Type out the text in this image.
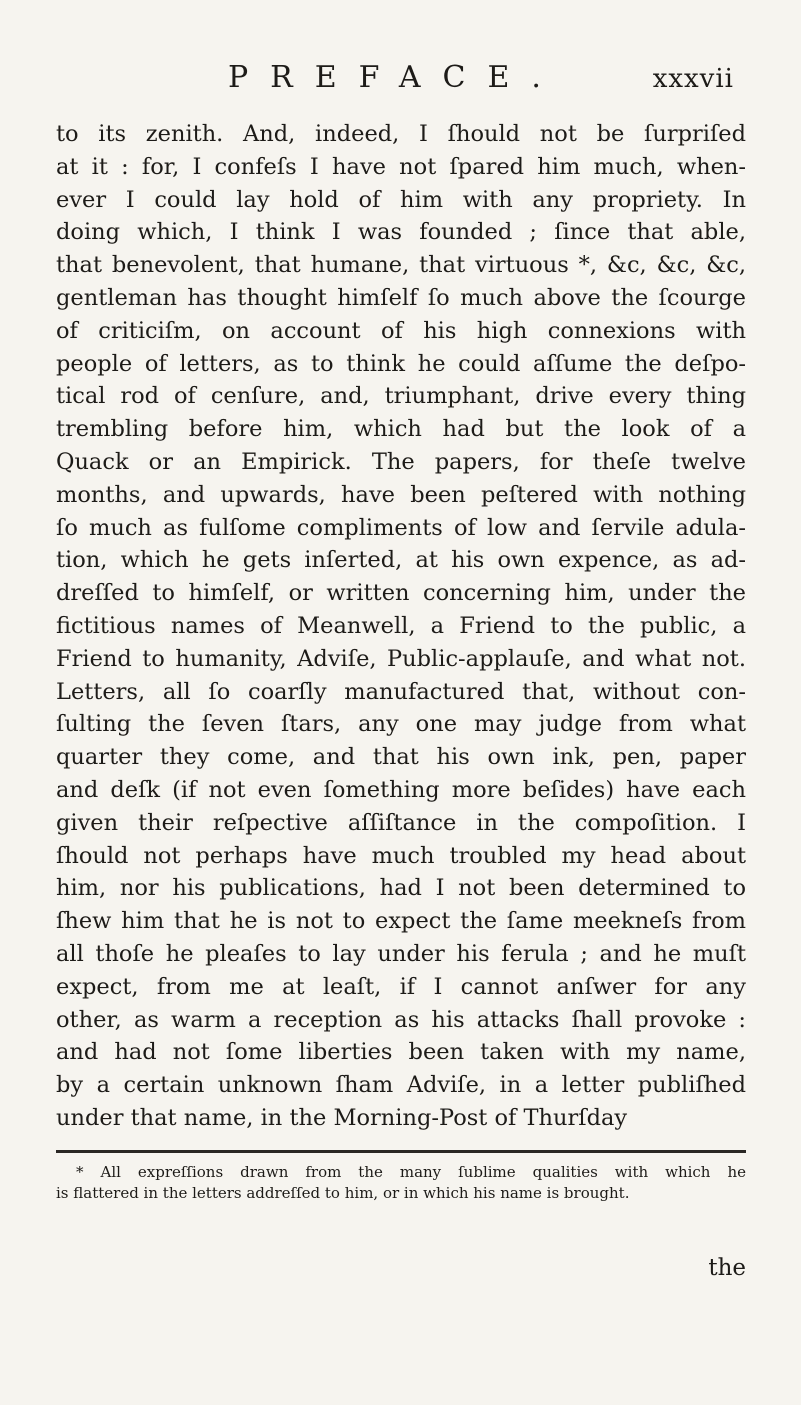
PREFACE.	xxxvii
to its zenith. And, indeed, I ſhould not be ſurpriſed
at it : for, I confeſs I have not ſpared him much, when-
ever I could lay hold of him with any propriety. In
doing which, I think I was founded ; ſince that able,
that benevolent, that humane, that virtuous *, &c, &c, &c,
gentleman has thought himſelf ſo much above the ſcourge
of criticiſm, on account of his high connexions with
people of letters, as to think he could aſſume the deſpo-
tical rod of cenſure, and, triumphant, drive every thing
trembling before him, which had but the look of a
Quack or an Empirick. The papers, for theſe twelve
months, and upwards, have been peſtered with nothing
ſo much as fulſome compliments of low and ſervile adula-
tion, which he gets inſerted, at his own expence, as ad-
dreſſed to himſelf, or written concerning him, under the
fictitious names of Meanwell, a Friend to the public, a
Friend to humanity, Adviſe, Public-applauſe, and what not.
Letters, all ſo coarſly manufactured that, without con-
ſulting the ſeven ſtars, any one may judge from what
quarter they come, and that his own ink, pen, paper
and deſk (if not even ſomething more beſides) have each
given their reſpective aſſiſtance in the compoſition. I
ſhould not perhaps have much troubled my head about
him, nor his publications, had I not been determined to
ſhew him that he is not to expect the ſame meekneſs from
all thoſe he pleaſes to lay under his ferula ; and he muſt
expect, from me at leaſt, if I cannot anſwer for any
other, as warm a reception as his attacks ſhall provoke :
and had not ſome liberties been taken with my name,
by a certain unknown ſham Adviſe, in a letter publiſhed
under that name, in the Morning-Post of Thurſday
* All expreſſions drawn from the many ſublime qualities with which he
is flattered in the letters addreſſed to him, or in which his name is brought.
the
